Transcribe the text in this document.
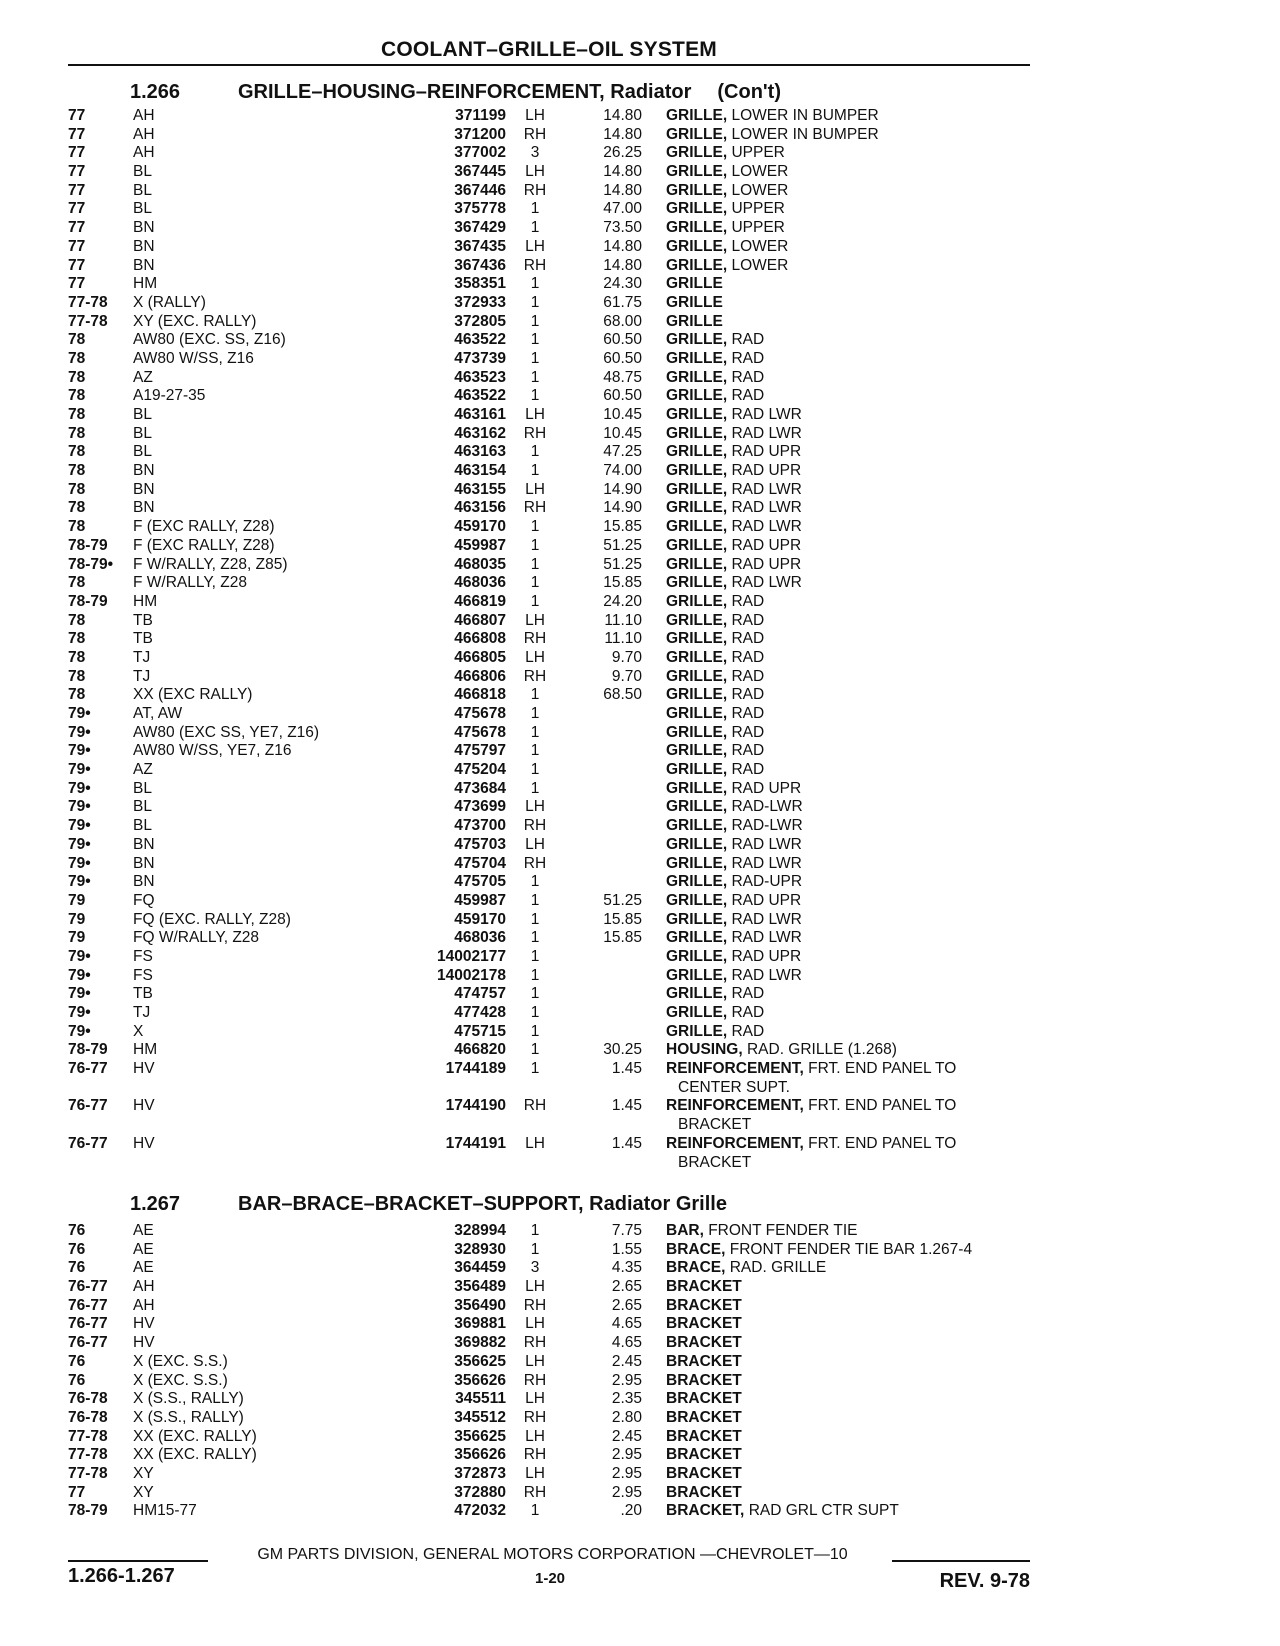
COOLANT–GRILLE–OIL SYSTEM
1.266	GRILLE–HOUSING–REINFORCEMENT, Radiator (Con't)
77	AH	371199	LH	14.80 GRILLE, LOWER IN BUMPER
77	AH	371200	RH	14.80 GRILLE, LOWER IN BUMPER
77	AH	377002	3	26.25 GRILLE, UPPER
77	BL	367445	LH	14.80 GRILLE, LOWER
77	BL	367446	RH	14.80 GRILLE, LOWER
77	BL	375778	1	47.00 GRILLE, UPPER
77	BN	367429	1	73.50 GRILLE, UPPER
77	BN	367435	LH	14.80 GRILLE, LOWER
77	BN	367436	RH	14.80 GRILLE, LOWER
77	HM	358351	1	24.30 GRILLE
77-78 X (RALLY)	372933	1	61.75 GRILLE
77-78 XY (EXC. RALLY)	372805	1	68.00 GRILLE
78	AW80 (EXC. SS, Z16)	463522	1	60.50 GRILLE, RAD
78	AW80 W/SS, Z16	473739	1	60.50 GRILLE, RAD
78	AZ	463523	1	48.75 GRILLE, RAD
78	A19-27-35	463522	1	60.50 GRILLE, RAD
78	BL	463161	LH	10.45 GRILLE, RAD LWR
78	BL	463162	RH	10.45 GRILLE, RAD LWR
78	BL	463163	1	47.25 GRILLE, RAD UPR
78	BN	463154	1	74.00 GRILLE, RAD UPR
78	BN	463155	LH	14.90 GRILLE, RAD LWR
78	BN	463156	RH	14.90 GRILLE, RAD LWR
78	F (EXC RALLY, Z28)	459170	1	15.85 GRILLE, RAD LWR
78-79 F (EXC RALLY, Z28)	459987	1	51.25 GRILLE, RAD UPR
78-79• F W/RALLY, Z28, Z85)	468035	1	51.25 GRILLE, RAD UPR
78	F W/RALLY, Z28	468036	1	15.85 GRILLE, RAD LWR
78-79 HM	466819	1	24.20 GRILLE, RAD
78	TB	466807	LH	11.10 GRILLE, RAD
78	TB	466808	RH	11.10 GRILLE, RAD
78	TJ	466805	LH	9.70 GRILLE, RAD
78	TJ	466806	RH	9.70 GRILLE, RAD
78	XX (EXC RALLY)	466818	1	68.50 GRILLE, RAD
79•	AT, AW	475678	1	GRILLE, RAD
79•	AW80 (EXC SS, YE7, Z16)	475678	1	GRILLE, RAD
79•	AW80 W/SS, YE7, Z16	475797	1	GRILLE, RAD
79•	AZ	475204	1	GRILLE, RAD
79•	BL	473684	1	GRILLE, RAD UPR
79•	BL	473699	LH	GRILLE, RAD-LWR
79•	BL	473700	RH	GRILLE, RAD-LWR
79•	BN	475703	LH	GRILLE, RAD LWR
79•	BN	475704	RH	GRILLE, RAD LWR
79•	BN	475705	1	GRILLE, RAD-UPR
79	FQ	459987	1	51.25 GRILLE, RAD UPR
79	FQ (EXC. RALLY, Z28)	459170	1	15.85 GRILLE, RAD LWR
79	FQ W/RALLY, Z28	468036	1	15.85 GRILLE, RAD LWR
79•	FS	14002177	1	GRILLE, RAD UPR
79•	FS	14002178	1	GRILLE, RAD LWR
79•	TB	474757	1	GRILLE, RAD
79•	TJ	477428	1	GRILLE, RAD
79•	X	475715	1	GRILLE, RAD
78-79 HM	466820	1	30.25 HOUSING, RAD. GRILLE (1.268)
76-77 HV	1744189	1	1.45 REINFORCEMENT, FRT. END PANEL TO
CENTER SUPT.
76-77 HV	1744190	RH	1.45 REINFORCEMENT, FRT. END PANEL TO
BRACKET
76-77 HV	1744191	LH	1.45 REINFORCEMENT, FRT. END PANEL TO
BRACKET
1.267	BAR–BRACE–BRACKET–SUPPORT, Radiator Grille
76	AE	328994	1	7.75 BAR, FRONT FENDER TIE
76	AE	328930	1	1.55 BRACE, FRONT FENDER TIE BAR 1.267-4
76	AE	364459	3	4.35 BRACE, RAD. GRILLE
76-77 AH	356489	LH	2.65 BRACKET
76-77 AH	356490	RH	2.65 BRACKET
76-77 HV	369881	LH	4.65 BRACKET
76-77 HV	369882	RH	4.65 BRACKET
76	X (EXC. S.S.)	356625	LH	2.45 BRACKET
76	X (EXC. S.S.)	356626	RH	2.95 BRACKET
76-78 X (S.S., RALLY)	345511	LH	2.35 BRACKET
76-78 X (S.S., RALLY)	345512	RH	2.80 BRACKET
77-78 XX (EXC. RALLY)	356625	LH	2.45 BRACKET
77-78 XX (EXC. RALLY)	356626	RH	2.95 BRACKET
77-78 XY	372873	LH	2.95 BRACKET
77	XY	372880	RH	2.95 BRACKET
78-79 HM15-77	472032	1	.20 BRACKET, RAD GRL CTR SUPT
GM PARTS DIVISION, GENERAL MOTORS CORPORATION —CHEVROLET—10
1.266-1.267	1-20	REV. 9-78
